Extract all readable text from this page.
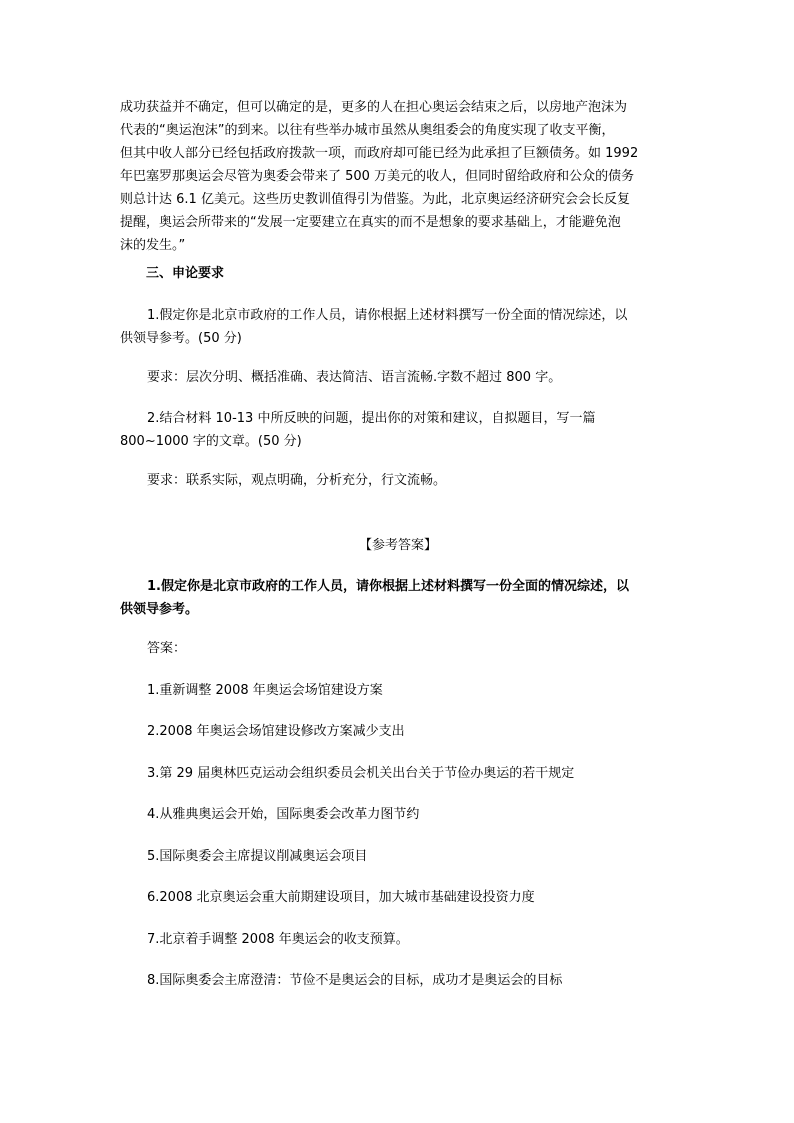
成功获益并不确定，但可以确定的是，更多的人在担心奥运会结束之后，以房地产泡沫为
代表的“奥运泡沫”的到来。以往有些举办城市虽然从奥组委会的角度实现了收支平衡，
但其中收人部分已经包括政府拨款一项，而政府却可能已经为此承担了巨额债务。如 1992
年巴塞罗那奥运会尽管为奥委会带来了 500 万美元的收人，但同时留给政府和公众的债务
则总计达 6.1 亿美元。这些历史教训值得引为借鉴。为此，北京奥运经济研究会会长反复
提醒，奥运会所带来的“发展一定要建立在真实的而不是想象的要求基础上，才能避免泡
沫的发生。”

三、申论要求

1.假定你是北京市政府的工作人员，请你根据上述材料撰写一份全面的情况综述，以
供领导参考。(50 分)

要求：层次分明、概括准确、表达简洁、语言流畅.字数不超过 800 字。

2.结合材料 10-13 中所反映的问题，提出你的对策和建议，自拟题目，写一篇
800~1000 字的文章。(50 分)

要求：联系实际，观点明确，分析充分，行文流畅。

【参考答案】

1.假定你是北京市政府的工作人员，请你根据上述材料撰写一份全面的情况综述，以
供领导参考。

答案：

1.重新调整 2008 年奥运会场馆建设方案

2.2008 年奥运会场馆建设修改方案减少支出

3.第 29 届奥林匹克运动会组织委员会机关出台关于节俭办奥运的若干规定

4.从雅典奥运会开始，国际奥委会改革力图节约

5.国际奥委会主席提议削减奥运会项目

6.2008 北京奥运会重大前期建设项目，加大城市基础建设投资力度

7.北京着手调整 2008 年奥运会的收支预算。

8.国际奥委会主席澄清：节俭不是奥运会的目标，成功才是奥运会的目标
